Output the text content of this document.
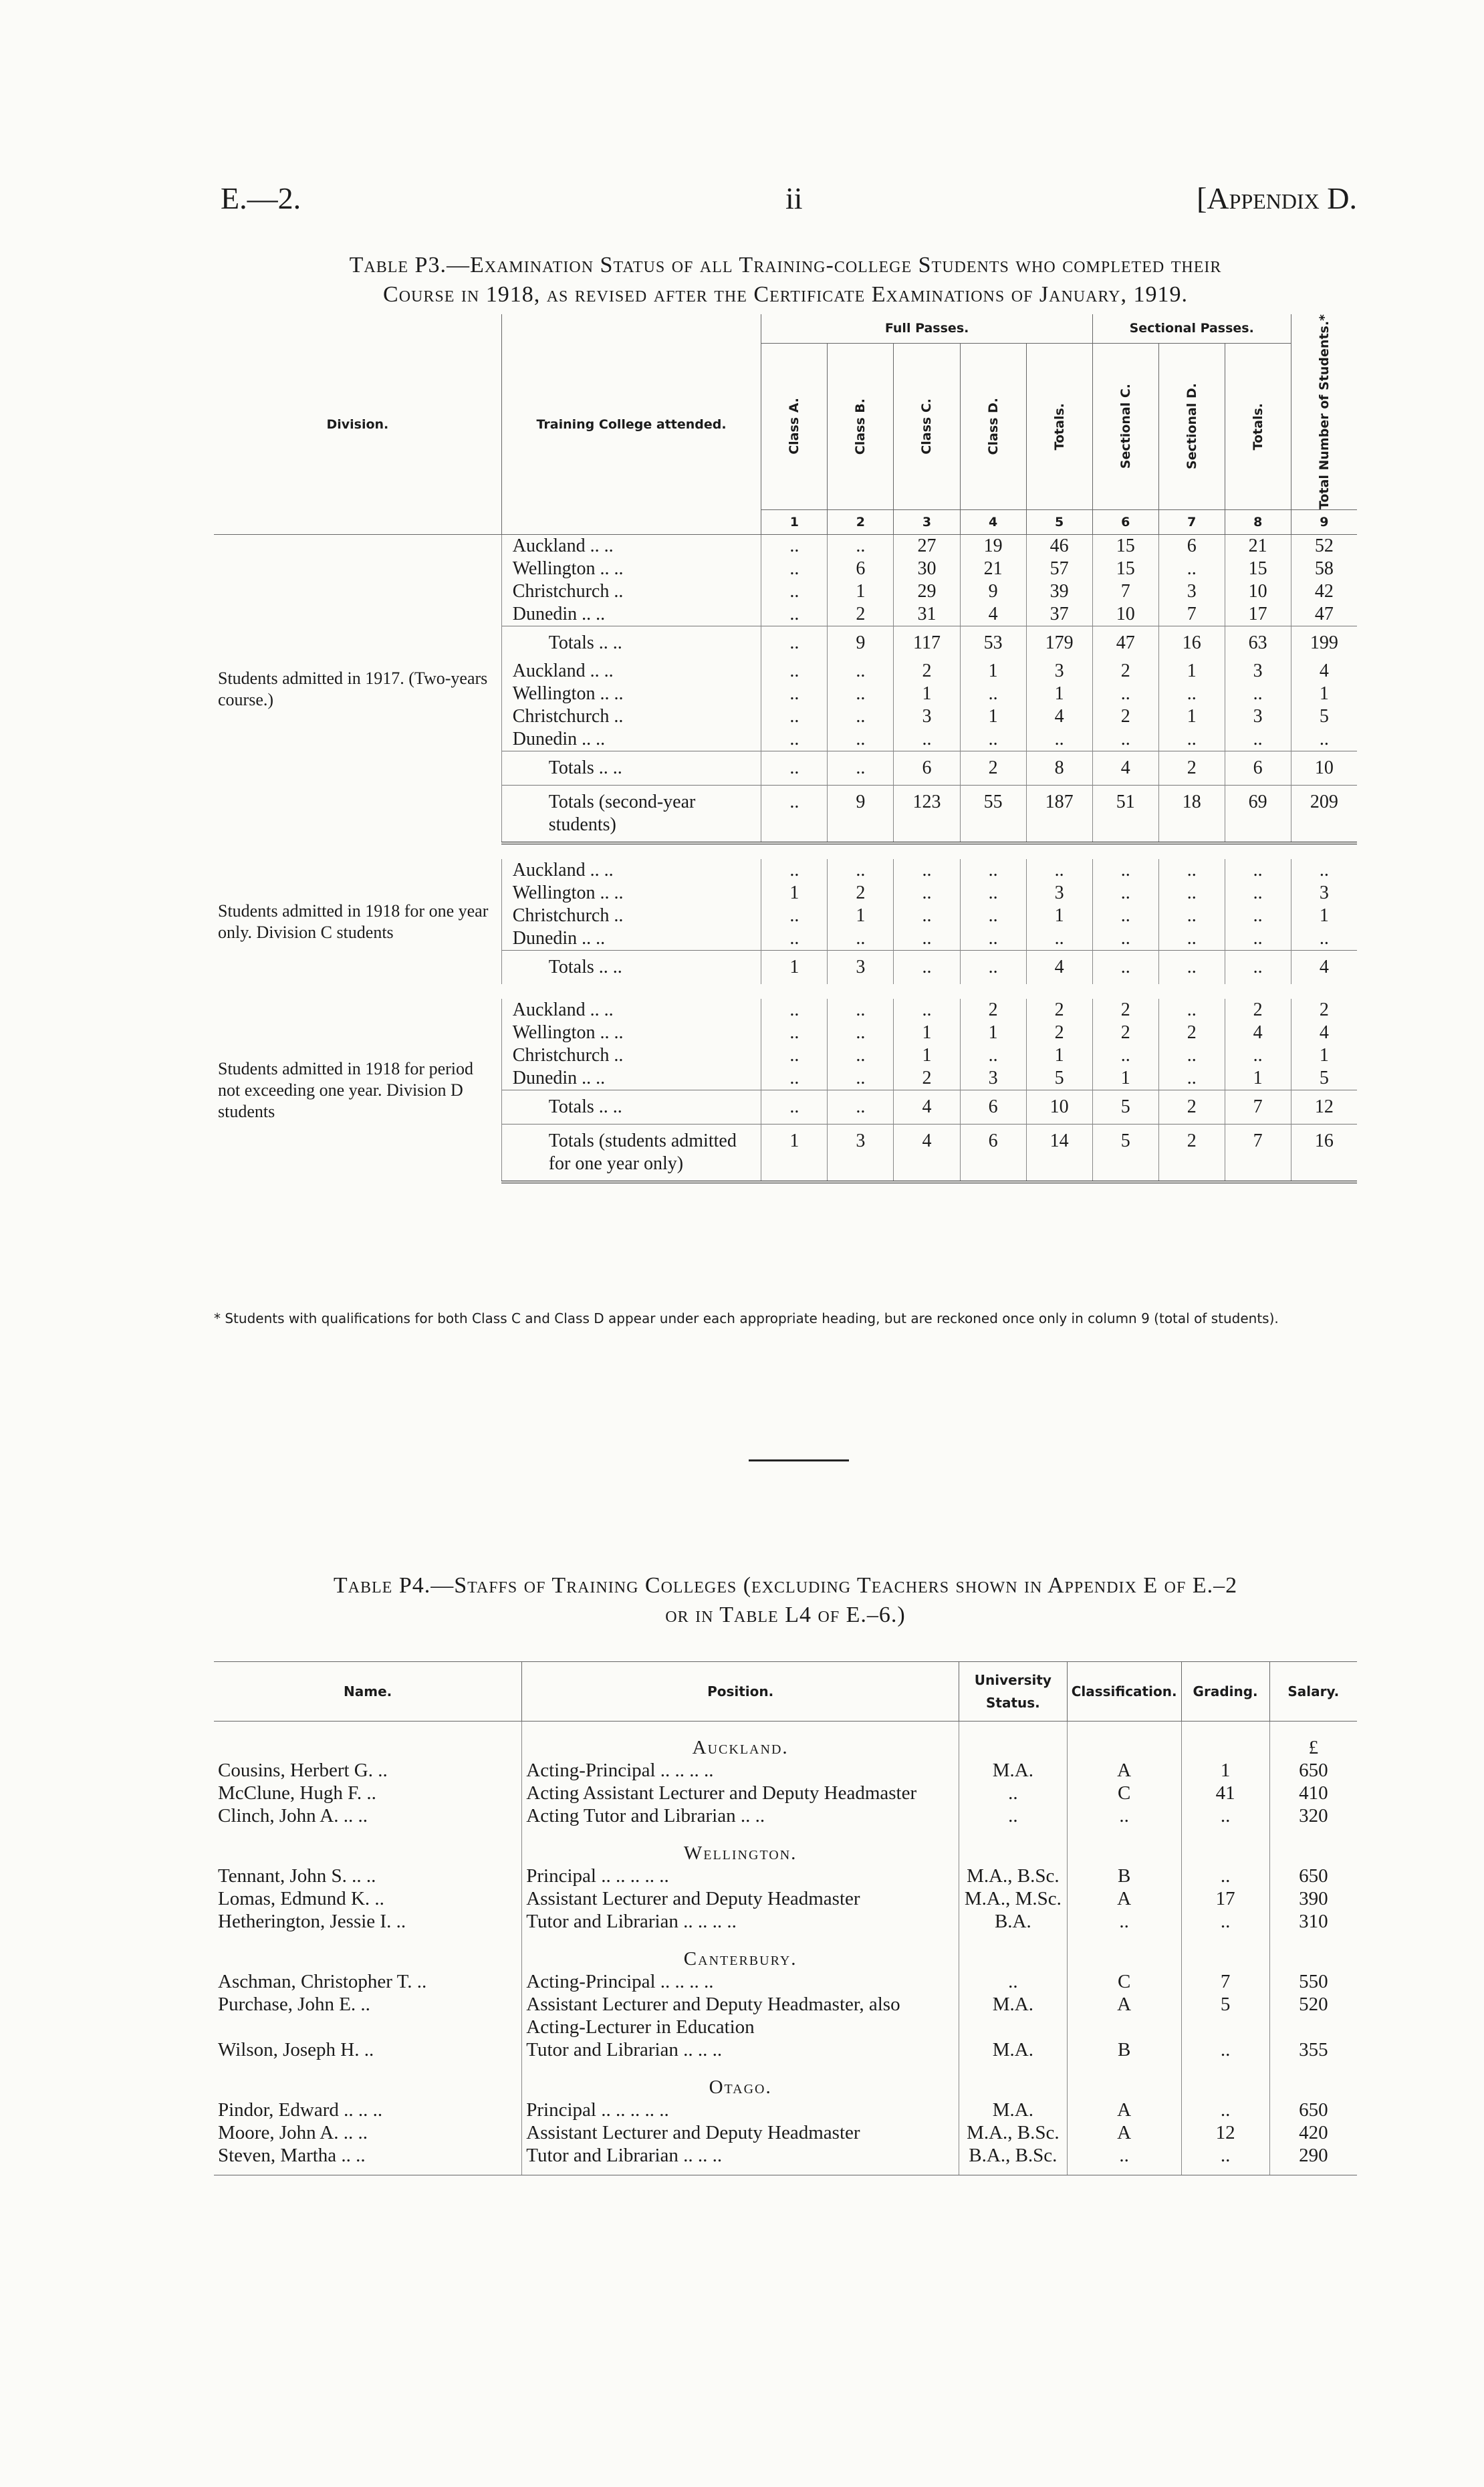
E.—2.	ii	[Appendix D.
Table P3.—Examination Status of all Training-college Students who completed their
Course in 1918, as revised after the Certificate Examinations of January, 1919.
Division.	Training College attended.	Full Passes.					Sectional Passes.			Total Number of Students.*

		Class A.	Class B.	Class C.	Class D.	Totals.	Sectional C.	Sectional D.	Totals.	

		1	2	3	4	5	6	7	8	9
Students admitted in 1917. (Two-years course.)	Auckland .. ..	..	..	27	19	46	15	6	21	52
	Wellington .. ..	..	6	30	21	57	15	..	15	58
	Christchurch ..	..	1	29	9	39	7	3	10	42
	Dunedin .. ..	..	2	31	4	37	10	7	17	47
	Totals .. ..	..	9	117	53	179	47	16	63	199
	Auckland .. ..	..	..	2	1	3	2	1	3	4
	Wellington .. ..	..	..	1	..	1	..	..	..	1
	Christchurch ..	..	..	3	1	4	2	1	3	5
	Dunedin .. ..	..	..	..	..	..	..	..	..	..
	Totals .. ..	..	..	6	2	8	4	2	6	10
	Totals (second-year students)	..	9	123	55	187	51	18	69	209

Students admitted in 1918 for one year only. Division C students	Auckland .. ..	..	..	..	..	..	..	..	..	..
	Wellington .. ..	1	2	..	..	3	..	..	..	3
	Christchurch ..	..	1	..	..	1	..	..	..	1
	Dunedin .. ..	..	..	..	..	..	..	..	..	..
	Totals .. ..	1	3	..	..	4	..	..	..	4

Students admitted in 1918 for period not exceeding one year. Division D students	Auckland .. ..	..	..	..	2	2	2	..	2	2
	Wellington .. ..	..	..	1	1	2	2	2	4	4
	Christchurch ..	..	..	1	..	1	..	..	..	1
	Dunedin .. ..	..	..	2	3	5	1	..	1	5
	Totals .. ..	..	..	4	6	10	5	2	7	12
	Totals (students admitted for one year only)	1	3	4	6	14	5	2	7	16
* Students with qualifications for both Class C and Class D appear under each appropriate heading, but are reckoned once only in column 9 (total of students).
Table P4.—Staffs of Training Colleges (excluding Teachers shown in Appendix E of E.–2
or in Table L4 of E.–6.)
Name.	Position.	University Status.	Classification.	Grading.	Salary.
	Auckland.				£
Cousins, Herbert G. ..	Acting-Principal .. .. .. ..	M.A.	A	1	650
McClune, Hugh F. ..	Acting Assistant Lecturer and Deputy Headmaster	..	C	41	410
Clinch, John A. .. ..	Acting Tutor and Librarian .. ..	..	..	..	320
	Wellington.				
Tennant, John S. .. ..	Principal .. .. .. .. ..	M.A., B.Sc.	B	..	650
Lomas, Edmund K. ..	Assistant Lecturer and Deputy Headmaster	M.A., M.Sc.	A	17	390
Hetherington, Jessie I. ..	Tutor and Librarian .. .. .. ..	B.A.	..	..	310
	Canterbury.				
Aschman, Christopher T. ..	Acting-Principal .. .. .. ..	..	C	7	550
Purchase, John E. ..	Assistant Lecturer and Deputy Headmaster, also Acting-Lecturer in Education	M.A.	A	5	520
Wilson, Joseph H. ..	Tutor and Librarian .. .. ..	M.A.	B	..	355
	Otago.				
Pindor, Edward .. .. ..	Principal .. .. .. .. ..	M.A.	A	..	650
Moore, John A. .. ..	Assistant Lecturer and Deputy Headmaster	M.A., B.Sc.	A	12	420
Steven, Martha .. ..	Tutor and Librarian .. .. ..	B.A., B.Sc.	..	..	290
